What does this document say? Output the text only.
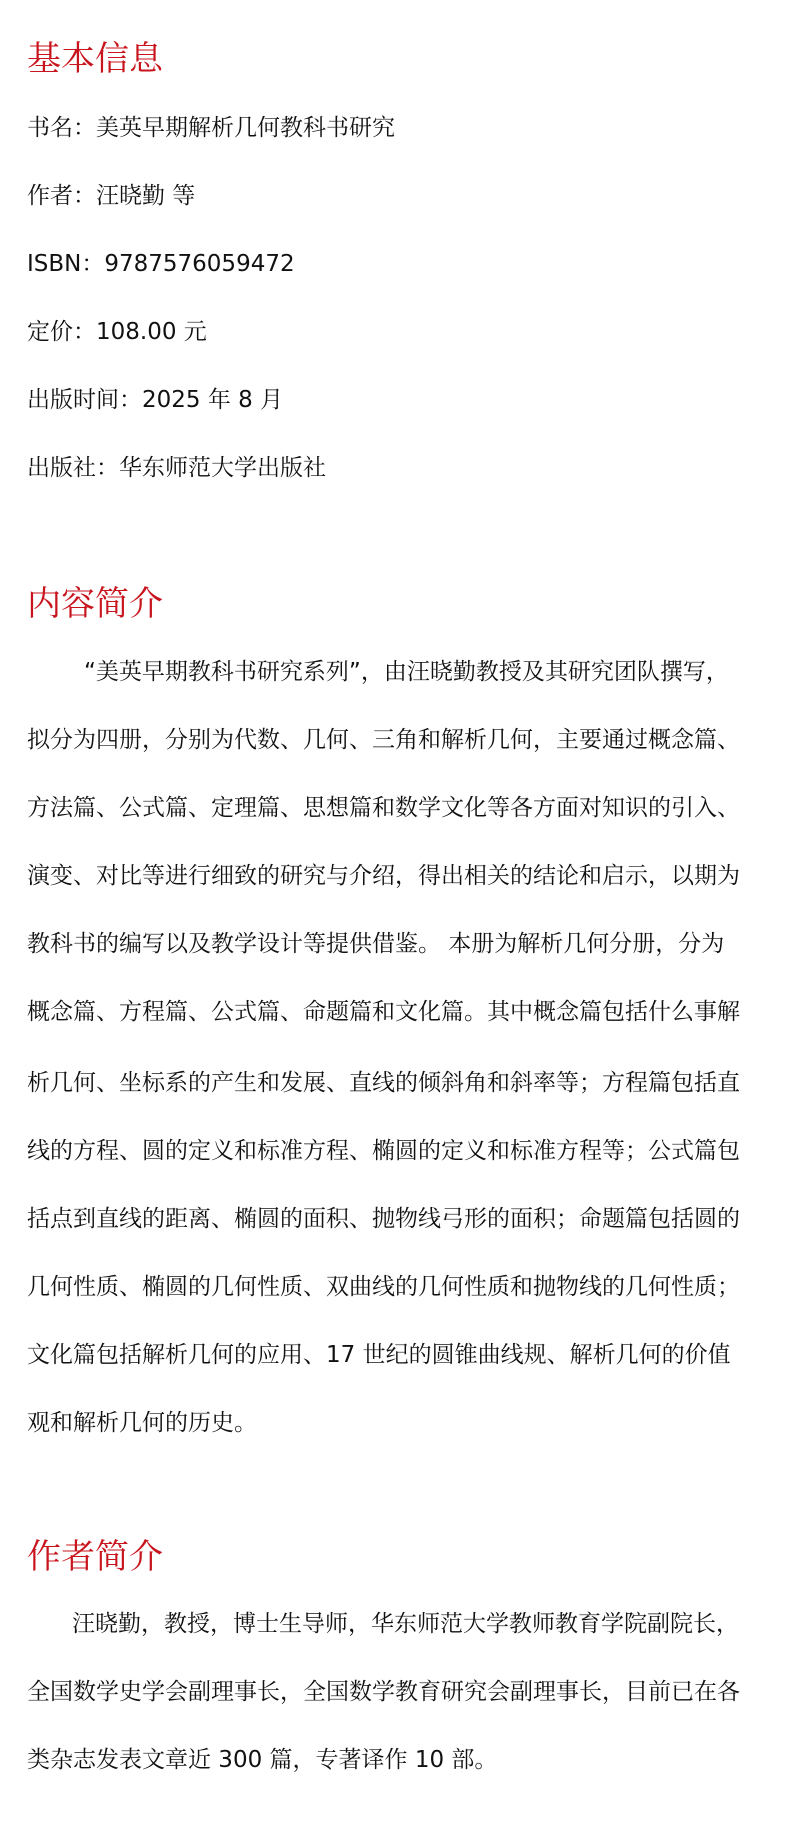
基本信息

书名：美英早期解析几何教科书研究

作者：汪晓勤 等

ISBN：9787576059472

定价：108.00 元

出版时间：2025 年 8 月

出版社：华东师范大学出版社

内容简介

“美英早期教科书研究系列”，由汪晓勤教授及其研究团队撰写，

拟分为四册，分别为代数、几何、三角和解析几何，主要通过概念篇、

方法篇、公式篇、定理篇、思想篇和数学文化等各方面对知识的引入、

演变、对比等进行细致的研究与介绍，得出相关的结论和启示，以期为

教科书的编写以及教学设计等提供借鉴。 本册为解析几何分册，分为

概念篇、方程篇、公式篇、命题篇和文化篇。其中概念篇包括什么事解

析几何、坐标系的产生和发展、直线的倾斜角和斜率等；方程篇包括直

线的方程、圆的定义和标准方程、椭圆的定义和标准方程等；公式篇包

括点到直线的距离、椭圆的面积、抛物线弓形的面积；命题篇包括圆的

几何性质、椭圆的几何性质、双曲线的几何性质和抛物线的几何性质；

文化篇包括解析几何的应用、17 世纪的圆锥曲线规、解析几何的价值

观和解析几何的历史。

作者简介

汪晓勤，教授，博士生导师，华东师范大学教师教育学院副院长，

全国数学史学会副理事长，全国数学教育研究会副理事长，目前已在各

类杂志发表文章近 300 篇，专著译作 10 部。
